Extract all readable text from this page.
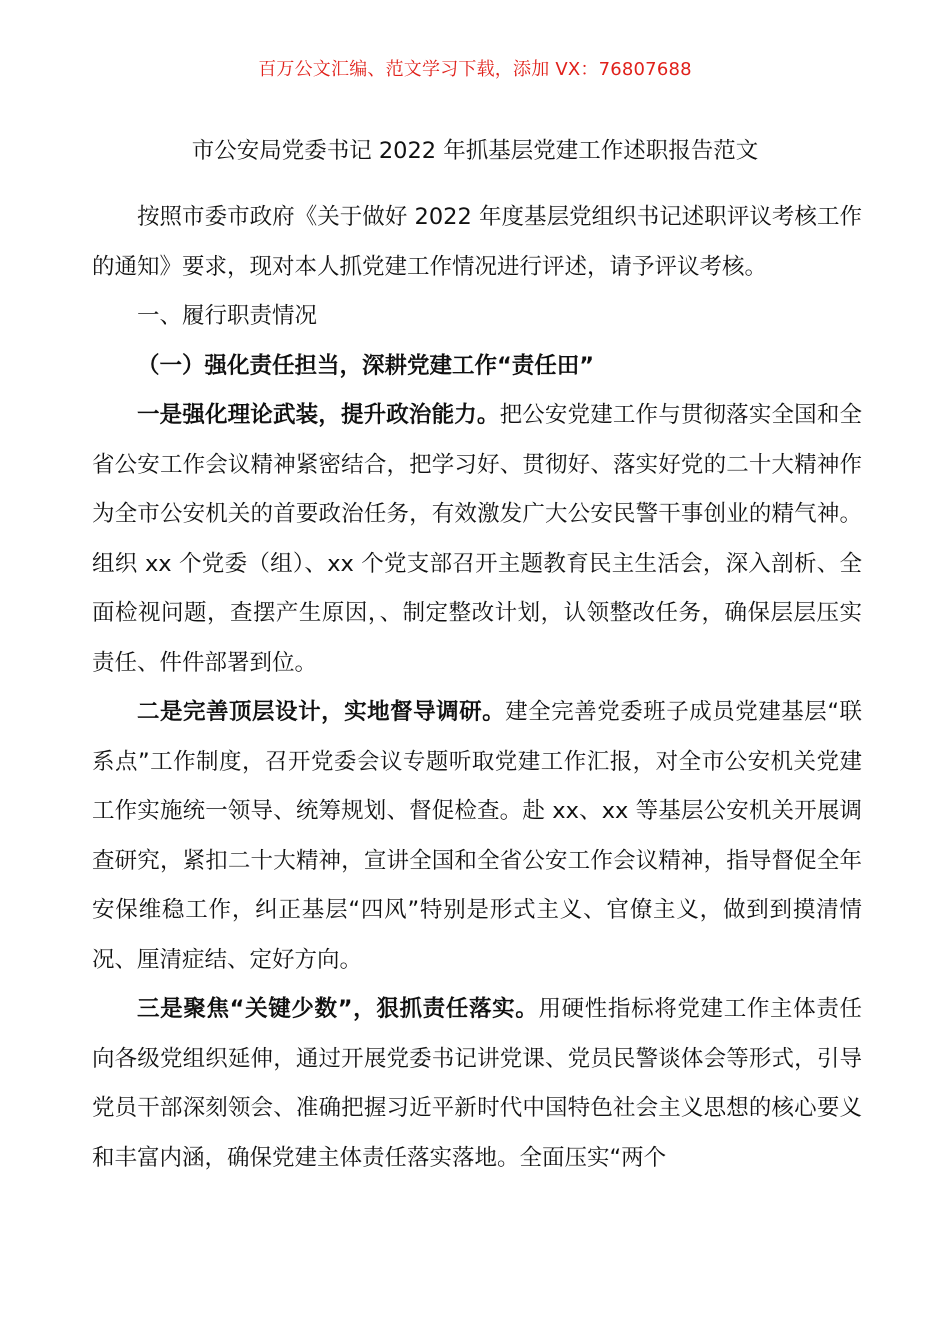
百万公文汇编、范文学习下载，添加 VX：76807688
市公安局党委书记 2022 年抓基层党建工作述职报告范文

按照市委市政府《关于做好 2022 年度基层党组织书记述职评议考核工作的通知》要求，现对本人抓党建工作情况进行评述，请予评议考核。

一、履行职责情况

（一）强化责任担当，深耕党建工作“责任田”

一是强化理论武装，提升政治能力。把公安党建工作与贯彻落实全国和全省公安工作会议精神紧密结合，把学习好、贯彻好、落实好党的二十大精神作为全市公安机关的首要政治任务，有效激发广大公安民警干事创业的精气神。组织 xx 个党委（组）、xx 个党支部召开主题教育民主生活会，深入剖析、全面检视问题，查摆产生原因，、制定整改计划，认领整改任务，确保层层压实责任、件件部署到位。

二是完善顶层设计，实地督导调研。建全完善党委班子成员党建基层“联系点”工作制度，召开党委会议专题听取党建工作汇报，对全市公安机关党建工作实施统一领导、统筹规划、督促检查。赴 xx、xx 等基层公安机关开展调查研究，紧扣二十大精神，宣讲全国和全省公安工作会议精神，指导督促全年安保维稳工作，纠正基层“四风”特别是形式主义、官僚主义，做到到摸清情况、厘清症结、定好方向。

三是聚焦“关键少数”，狠抓责任落实。用硬性指标将党建工作主体责任向各级党组织延伸，通过开展党委书记讲党课、党员民警谈体会等形式，引导党员干部深刻领会、准确把握习近平新时代中国特色社会主义思想的核心要义和丰富内涵，确保党建主体责任落实落地。全面压实“两个
